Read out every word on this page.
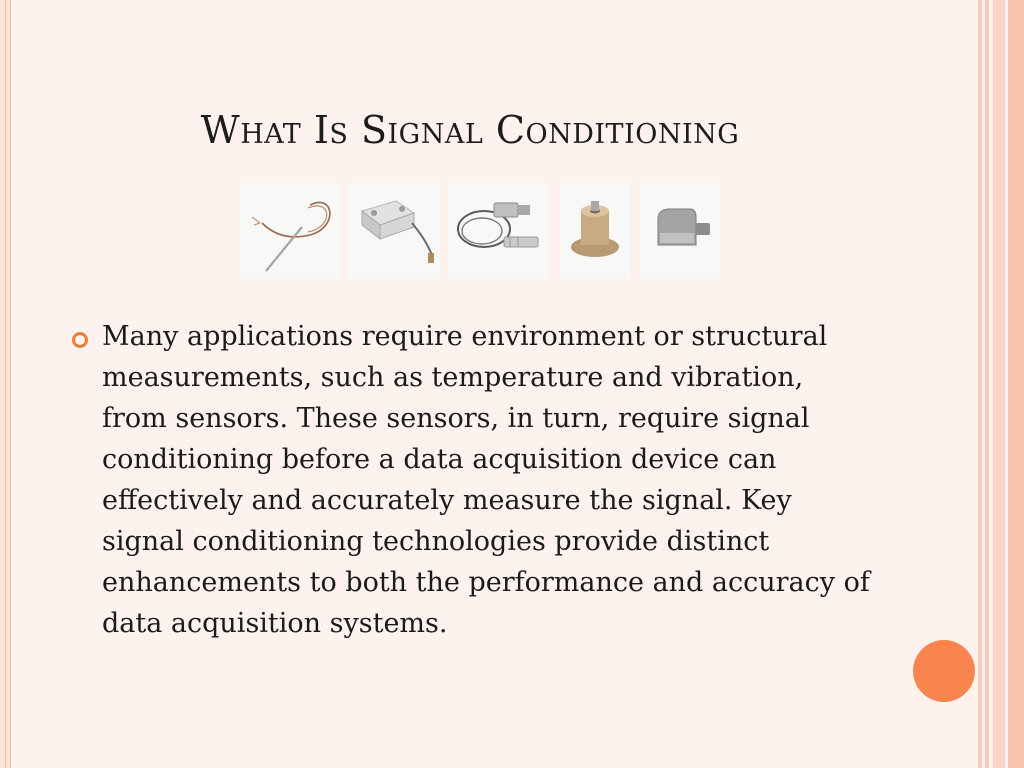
What Is Signal Conditioning

Many applications require environment or structural measurements, such as temperature and vibration, from sensors. These sensors, in turn, require signal conditioning before a data acquisition device can effectively and accurately measure the signal. Key signal conditioning technologies provide distinct enhancements to both the performance and accuracy of data acquisition systems.
